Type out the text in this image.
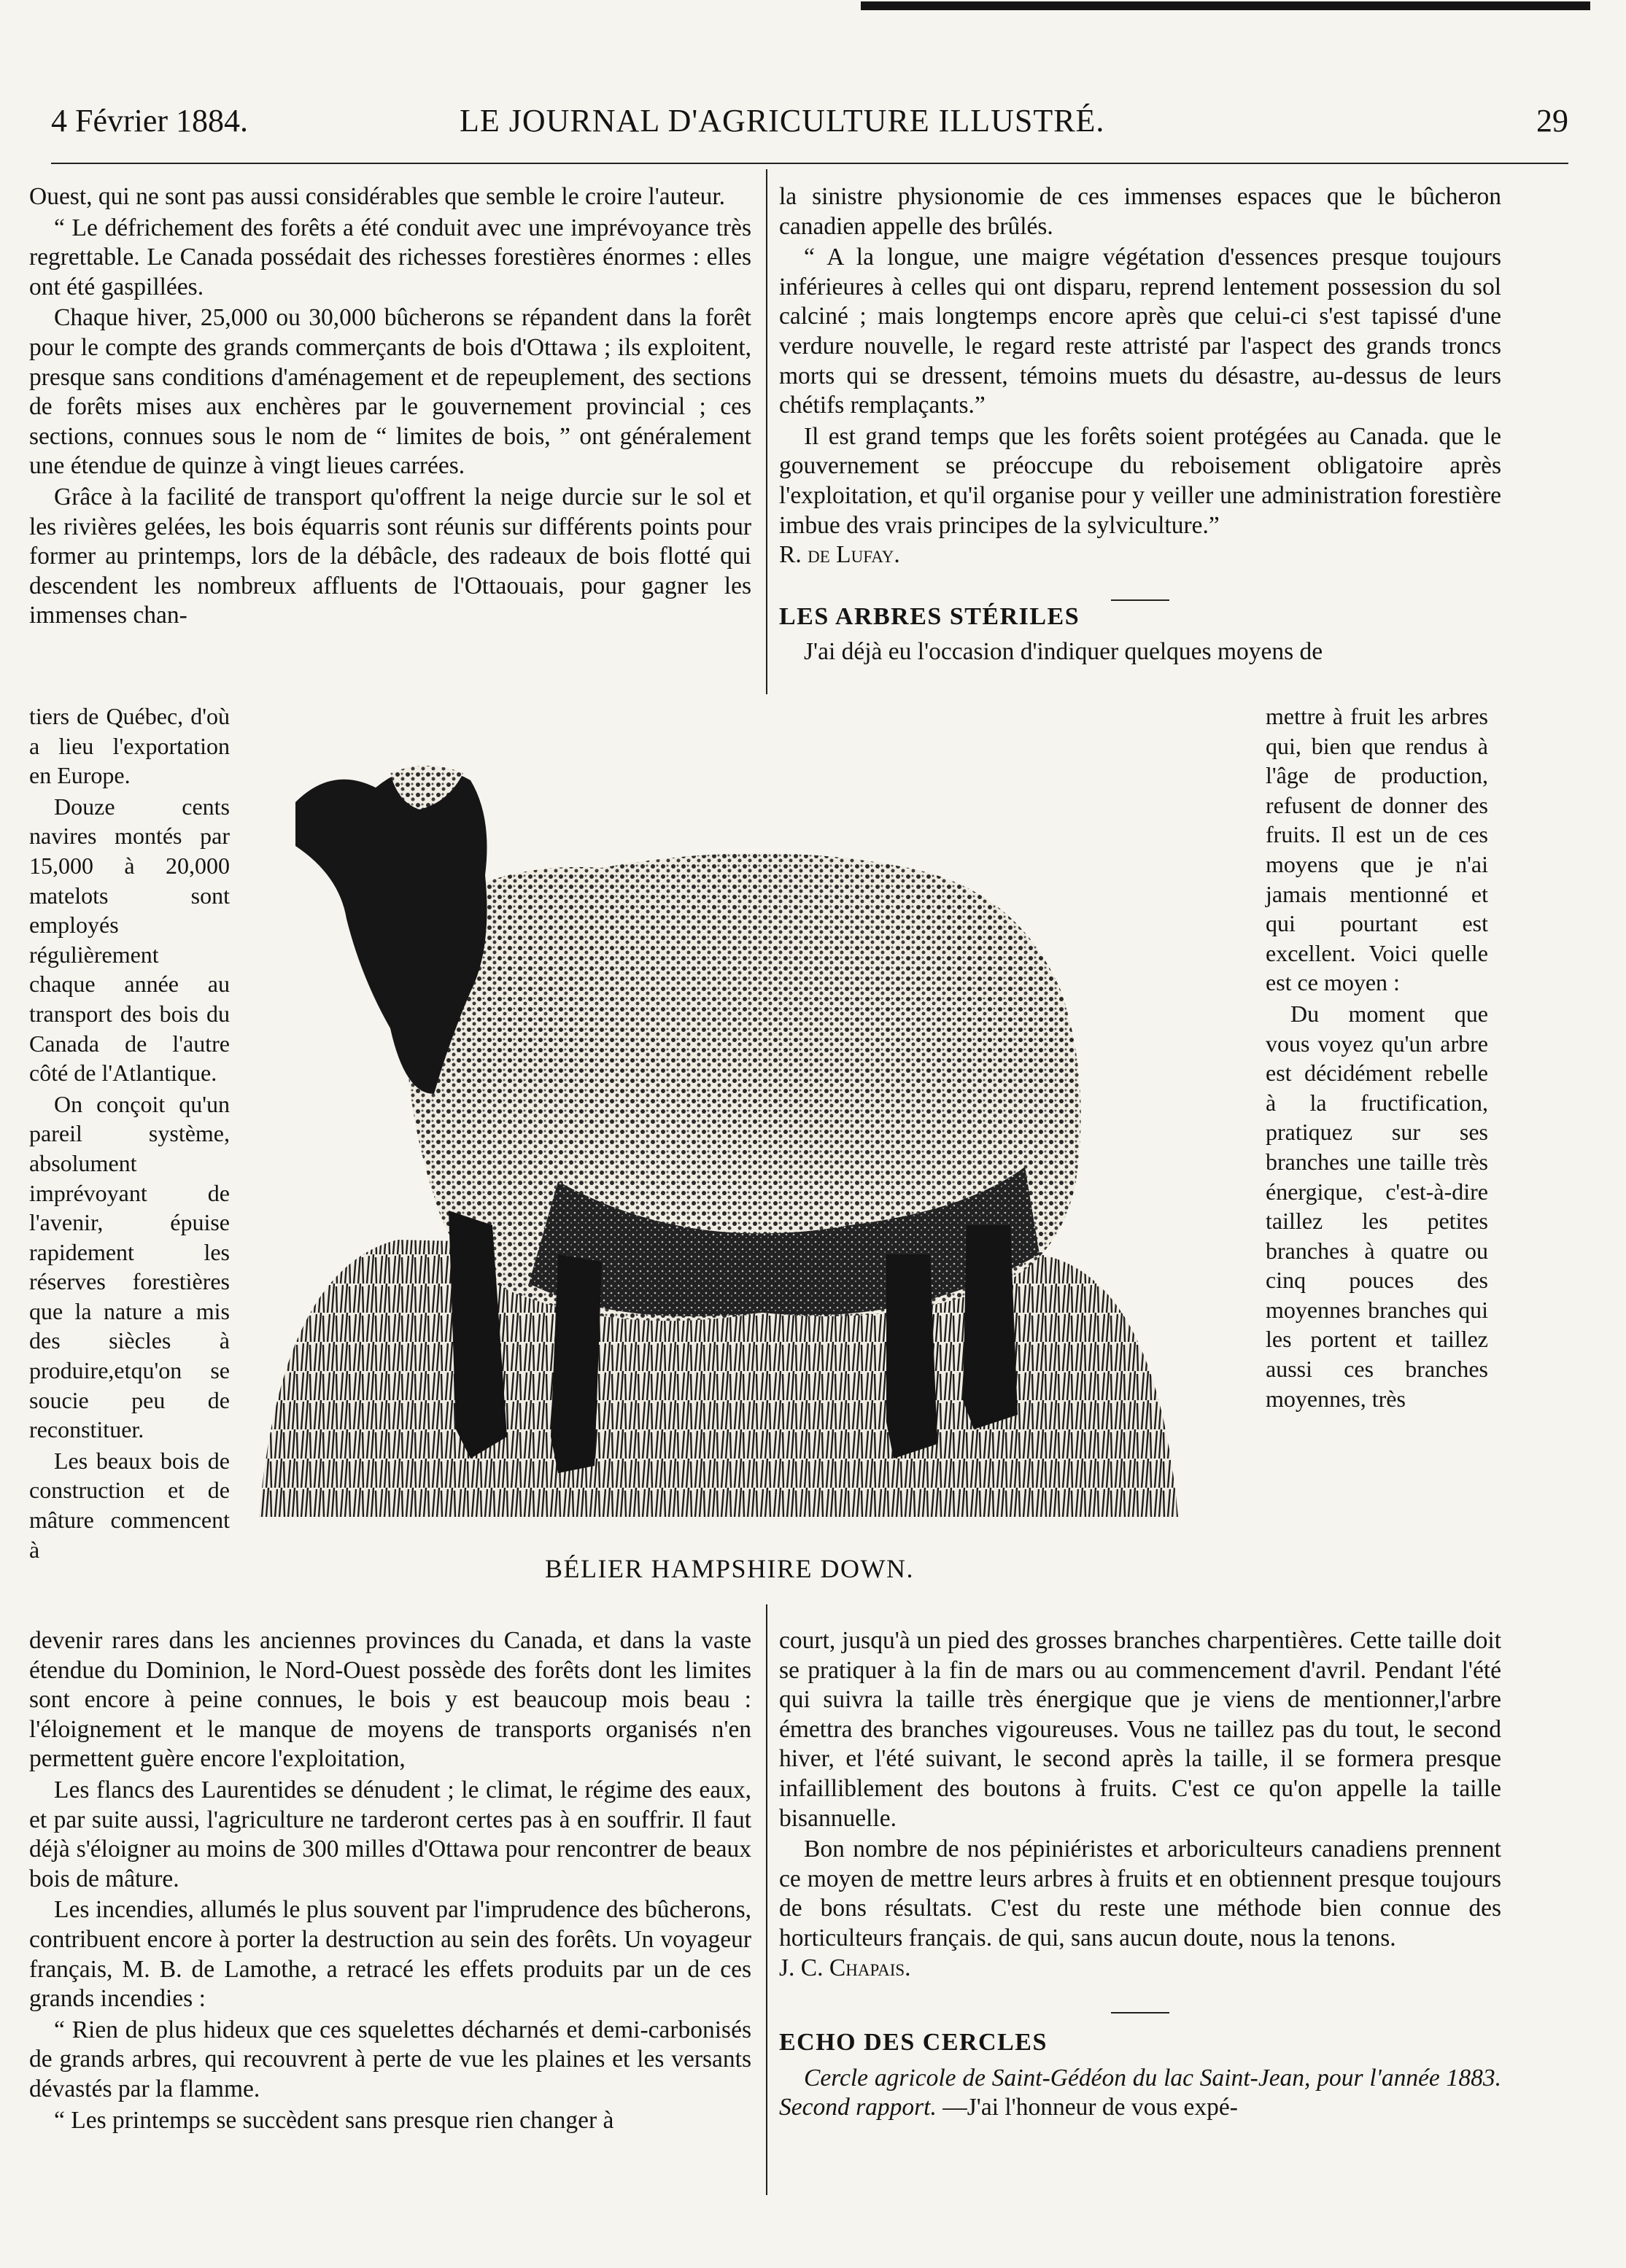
4 Février 1884.	LE JOURNAL D'AGRICULTURE ILLUSTRÉ.	29

Ouest, qui ne sont pas aussi considérables que semble le croire l'auteur.

“ Le défrichement des forêts a été conduit avec une imprévoyance très regrettable. Le Canada possédait des richesses forestières énormes : elles ont été gaspillées.

Chaque hiver, 25,000 ou 30,000 bûcherons se répandent dans la forêt pour le compte des grands commerçants de bois d'Ottawa ; ils exploitent, presque sans conditions d'aménagement et de repeuplement, des sections de forêts mises aux enchères par le gouvernement provincial ; ces sections, connues sous le nom de “ limites de bois, ” ont généralement une étendue de quinze à vingt lieues carrées.

Grâce à la facilité de transport qu'offrent la neige durcie sur le sol et les rivières gelées, les bois équarris sont réunis sur différents points pour former au printemps, lors de la débâcle, des radeaux de bois flotté qui descendent les nombreux affluents de l'Ottaouais, pour gagner les immenses chan-

tiers de Québec, d'où a lieu l'exportation en Europe.

Douze cents navires montés par 15,000 à 20,000 matelots sont employés régulièrement chaque année au transport des bois du Canada de l'autre côté de l'Atlantique.

On conçoit qu'un pareil système, absolument imprévoyant de l'avenir, épuise rapidement les réserves forestières que la nature a mis des siècles à produire,etqu'on se soucie peu de reconstituer.

Les beaux bois de construction et de mâture commencent à

devenir rares dans les anciennes provinces du Canada, et dans la vaste étendue du Dominion, le Nord-Ouest possède des forêts dont les limites sont encore à peine connues, le bois y est beaucoup mois beau : l'éloignement et le manque de moyens de transports organisés n'en permettent guère encore l'exploitation,

Les flancs des Laurentides se dénudent ; le climat, le régime des eaux, et par suite aussi, l'agriculture ne tarderont certes pas à en souffrir. Il faut déjà s'éloigner au moins de 300 milles d'Ottawa pour rencontrer de beaux bois de mâture.

Les incendies, allumés le plus souvent par l'imprudence des bûcherons, contribuent encore à porter la destruction au sein des forêts. Un voyageur français, M. B. de Lamothe, a retracé les effets produits par un de ces grands incendies :

“ Rien de plus hideux que ces squelettes décharnés et demi-carbonisés de grands arbres, qui recouvrent à perte de vue les plaines et les versants dévastés par la flamme.

“ Les printemps se succèdent sans presque rien changer à

la sinistre physionomie de ces immenses espaces que le bûcheron canadien appelle des brûlés.

“ A la longue, une maigre végétation d'essences presque toujours inférieures à celles qui ont disparu, reprend lentement possession du sol calciné ; mais longtemps encore après que celui-ci s'est tapissé d'une verdure nouvelle, le regard reste attristé par l'aspect des grands troncs morts qui se dressent, témoins muets du désastre, au-dessus de leurs chétifs remplaçants.”

Il est grand temps que les forêts soient protégées au Canada. que le gouvernement se préoccupe du reboisement obligatoire après l'exploitation, et qu'il organise pour y veiller une administration forestière imbue des vrais principes de la sylviculture.”

R. de Lufay.

LES ARBRES STÉRILES

J'ai déjà eu l'occasion d'indiquer quelques moyens de

mettre à fruit les arbres qui, bien que rendus à l'âge de production, refusent de donner des fruits. Il est un de ces moyens que je n'ai jamais mentionné et qui pourtant est excellent. Voici quelle est ce moyen :

Du moment que vous voyez qu'un arbre est décidément rebelle à la fructification, pratiquez sur ses branches une taille très énergique, c'est-à-dire taillez les petites branches à quatre ou cinq pouces des moyennes branches qui les portent et taillez aussi ces branches moyennes, très

court, jusqu'à un pied des grosses branches charpentières. Cette taille doit se pratiquer à la fin de mars ou au commencement d'avril. Pendant l'été qui suivra la taille très énergique que je viens de mentionner,l'arbre émettra des branches vigoureuses. Vous ne taillez pas du tout, le second hiver, et l'été suivant, le second après la taille, il se formera presque infailliblement des boutons à fruits. C'est ce qu'on appelle la taille bisannuelle.

Bon nombre de nos pépiniéristes et arboriculteurs canadiens prennent ce moyen de mettre leurs arbres à fruits et en obtiennent presque toujours de bons résultats. C'est du reste une méthode bien connue des horticulteurs français. de qui, sans aucun doute, nous la tenons.

J. C. Chapais.

ECHO DES CERCLES

Cercle agricole de Saint-Gédéon du lac Saint-Jean, pour l'année 1883. Second rapport. —J'ai l'honneur de vous expé-

BÉLIER HAMPSHIRE DOWN.
